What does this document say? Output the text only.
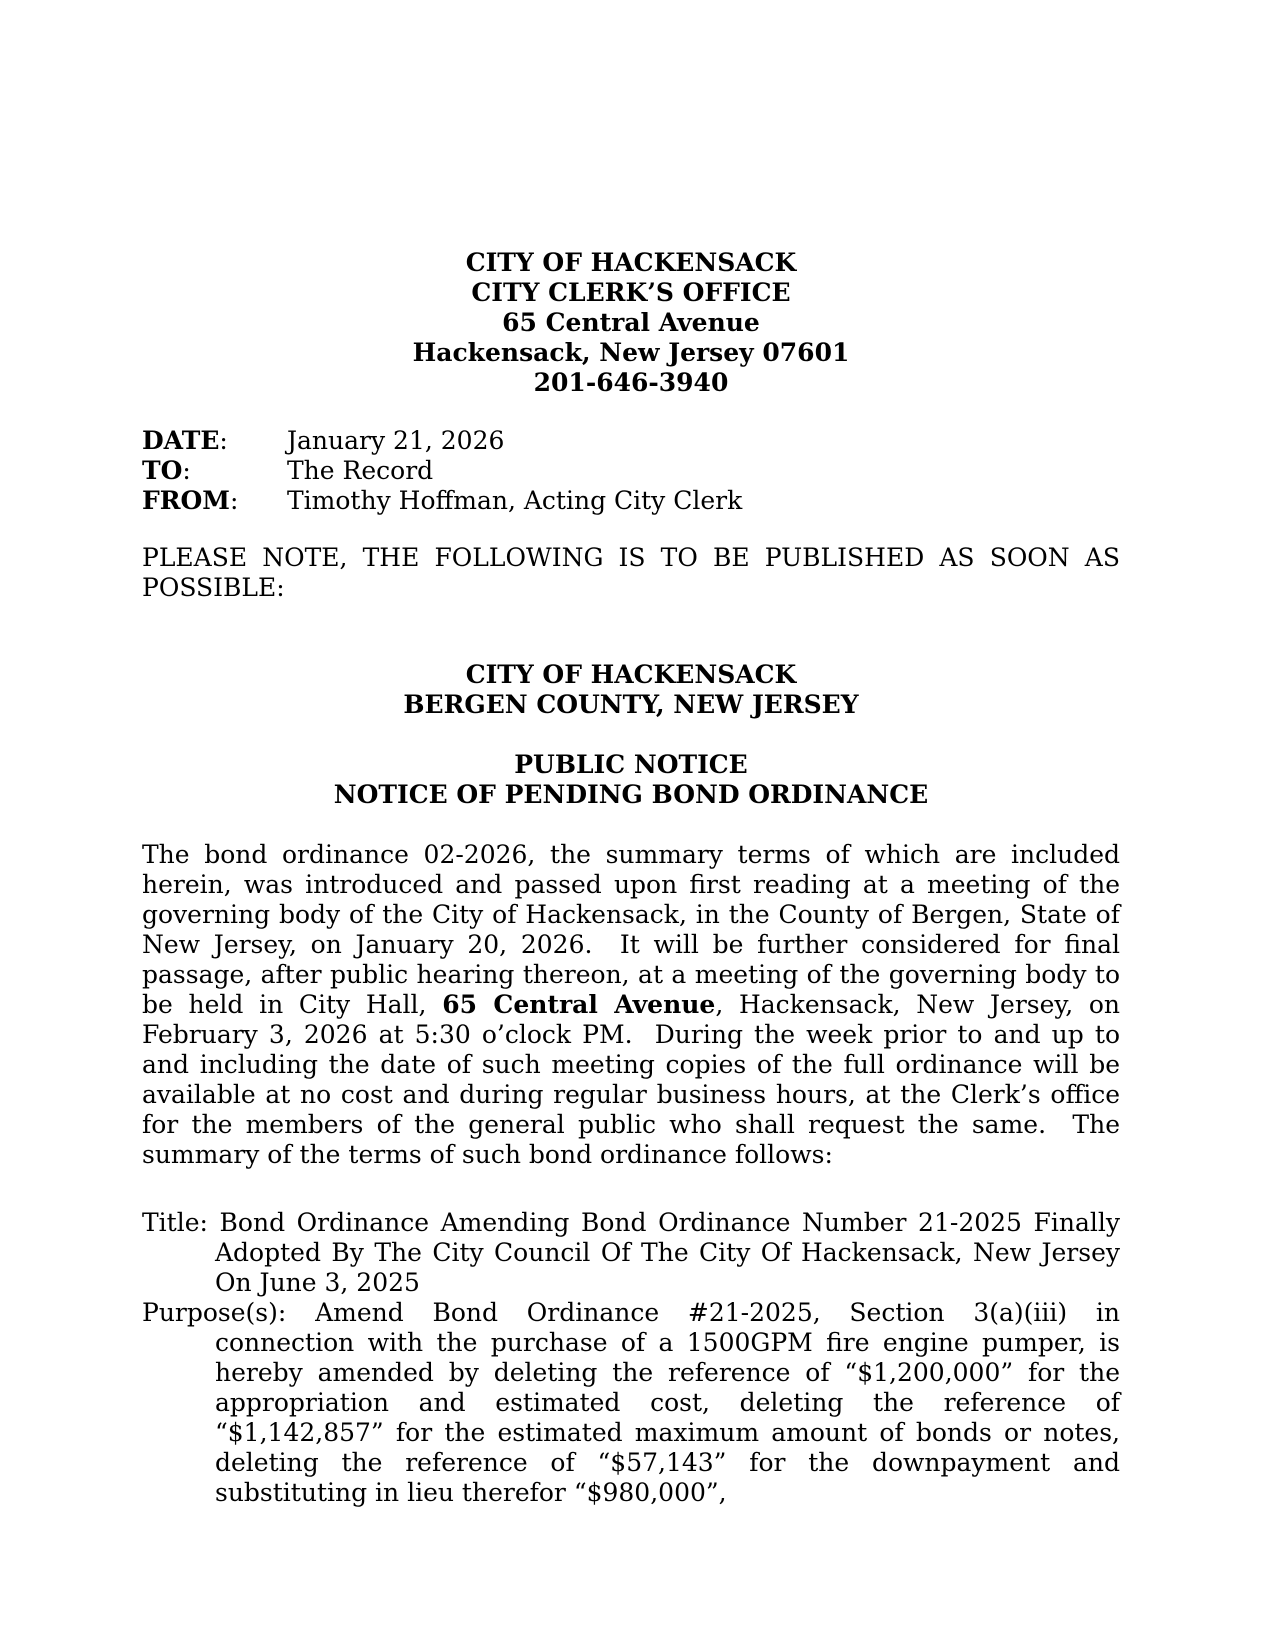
CITY OF HACKENSACK
CITY CLERK’S OFFICE
65 Central Avenue
Hackensack, New Jersey 07601
201-646-3940
DATE:	January 21, 2026
TO:	The Record
FROM:	Timothy Hoffman, Acting City Clerk

PLEASE NOTE, THE FOLLOWING IS TO BE PUBLISHED AS SOON AS POSSIBLE:

CITY OF HACKENSACK
BERGEN COUNTY, NEW JERSEY
PUBLIC NOTICE
NOTICE OF PENDING BOND ORDINANCE

The bond ordinance 02-2026, the summary terms of which are included herein, was introduced and passed upon first reading at a meeting of the governing body of the City of Hackensack, in the County of Bergen, State of New Jersey, on January 20, 2026.  It will be further considered for final passage, after public hearing thereon, at a meeting of the governing body to be held in City Hall, 65 Central Avenue, Hackensack, New Jersey, on February 3, 2026 at 5:30 o’clock PM.  During the week prior to and up to and including the date of such meeting copies of the full ordinance will be available at no cost and during regular business hours, at the Clerk’s office for the members of the general public who shall request the same.  The summary of the terms of such bond ordinance follows:

Title: Bond Ordinance Amending Bond Ordinance Number 21-2025 Finally Adopted By The City Council Of The City Of Hackensack, New Jersey On June 3, 2025

Purpose(s): Amend Bond Ordinance #21-2025, Section 3(a)(iii) in connection with the purchase of a 1500GPM fire engine pumper, is hereby amended by deleting the reference of “$1,200,000” for the appropriation and estimated cost, deleting the reference of “$1,142,857” for the estimated maximum amount of bonds or notes, deleting the reference of “$57,143” for the downpayment and substituting in lieu therefor “$980,000”,
